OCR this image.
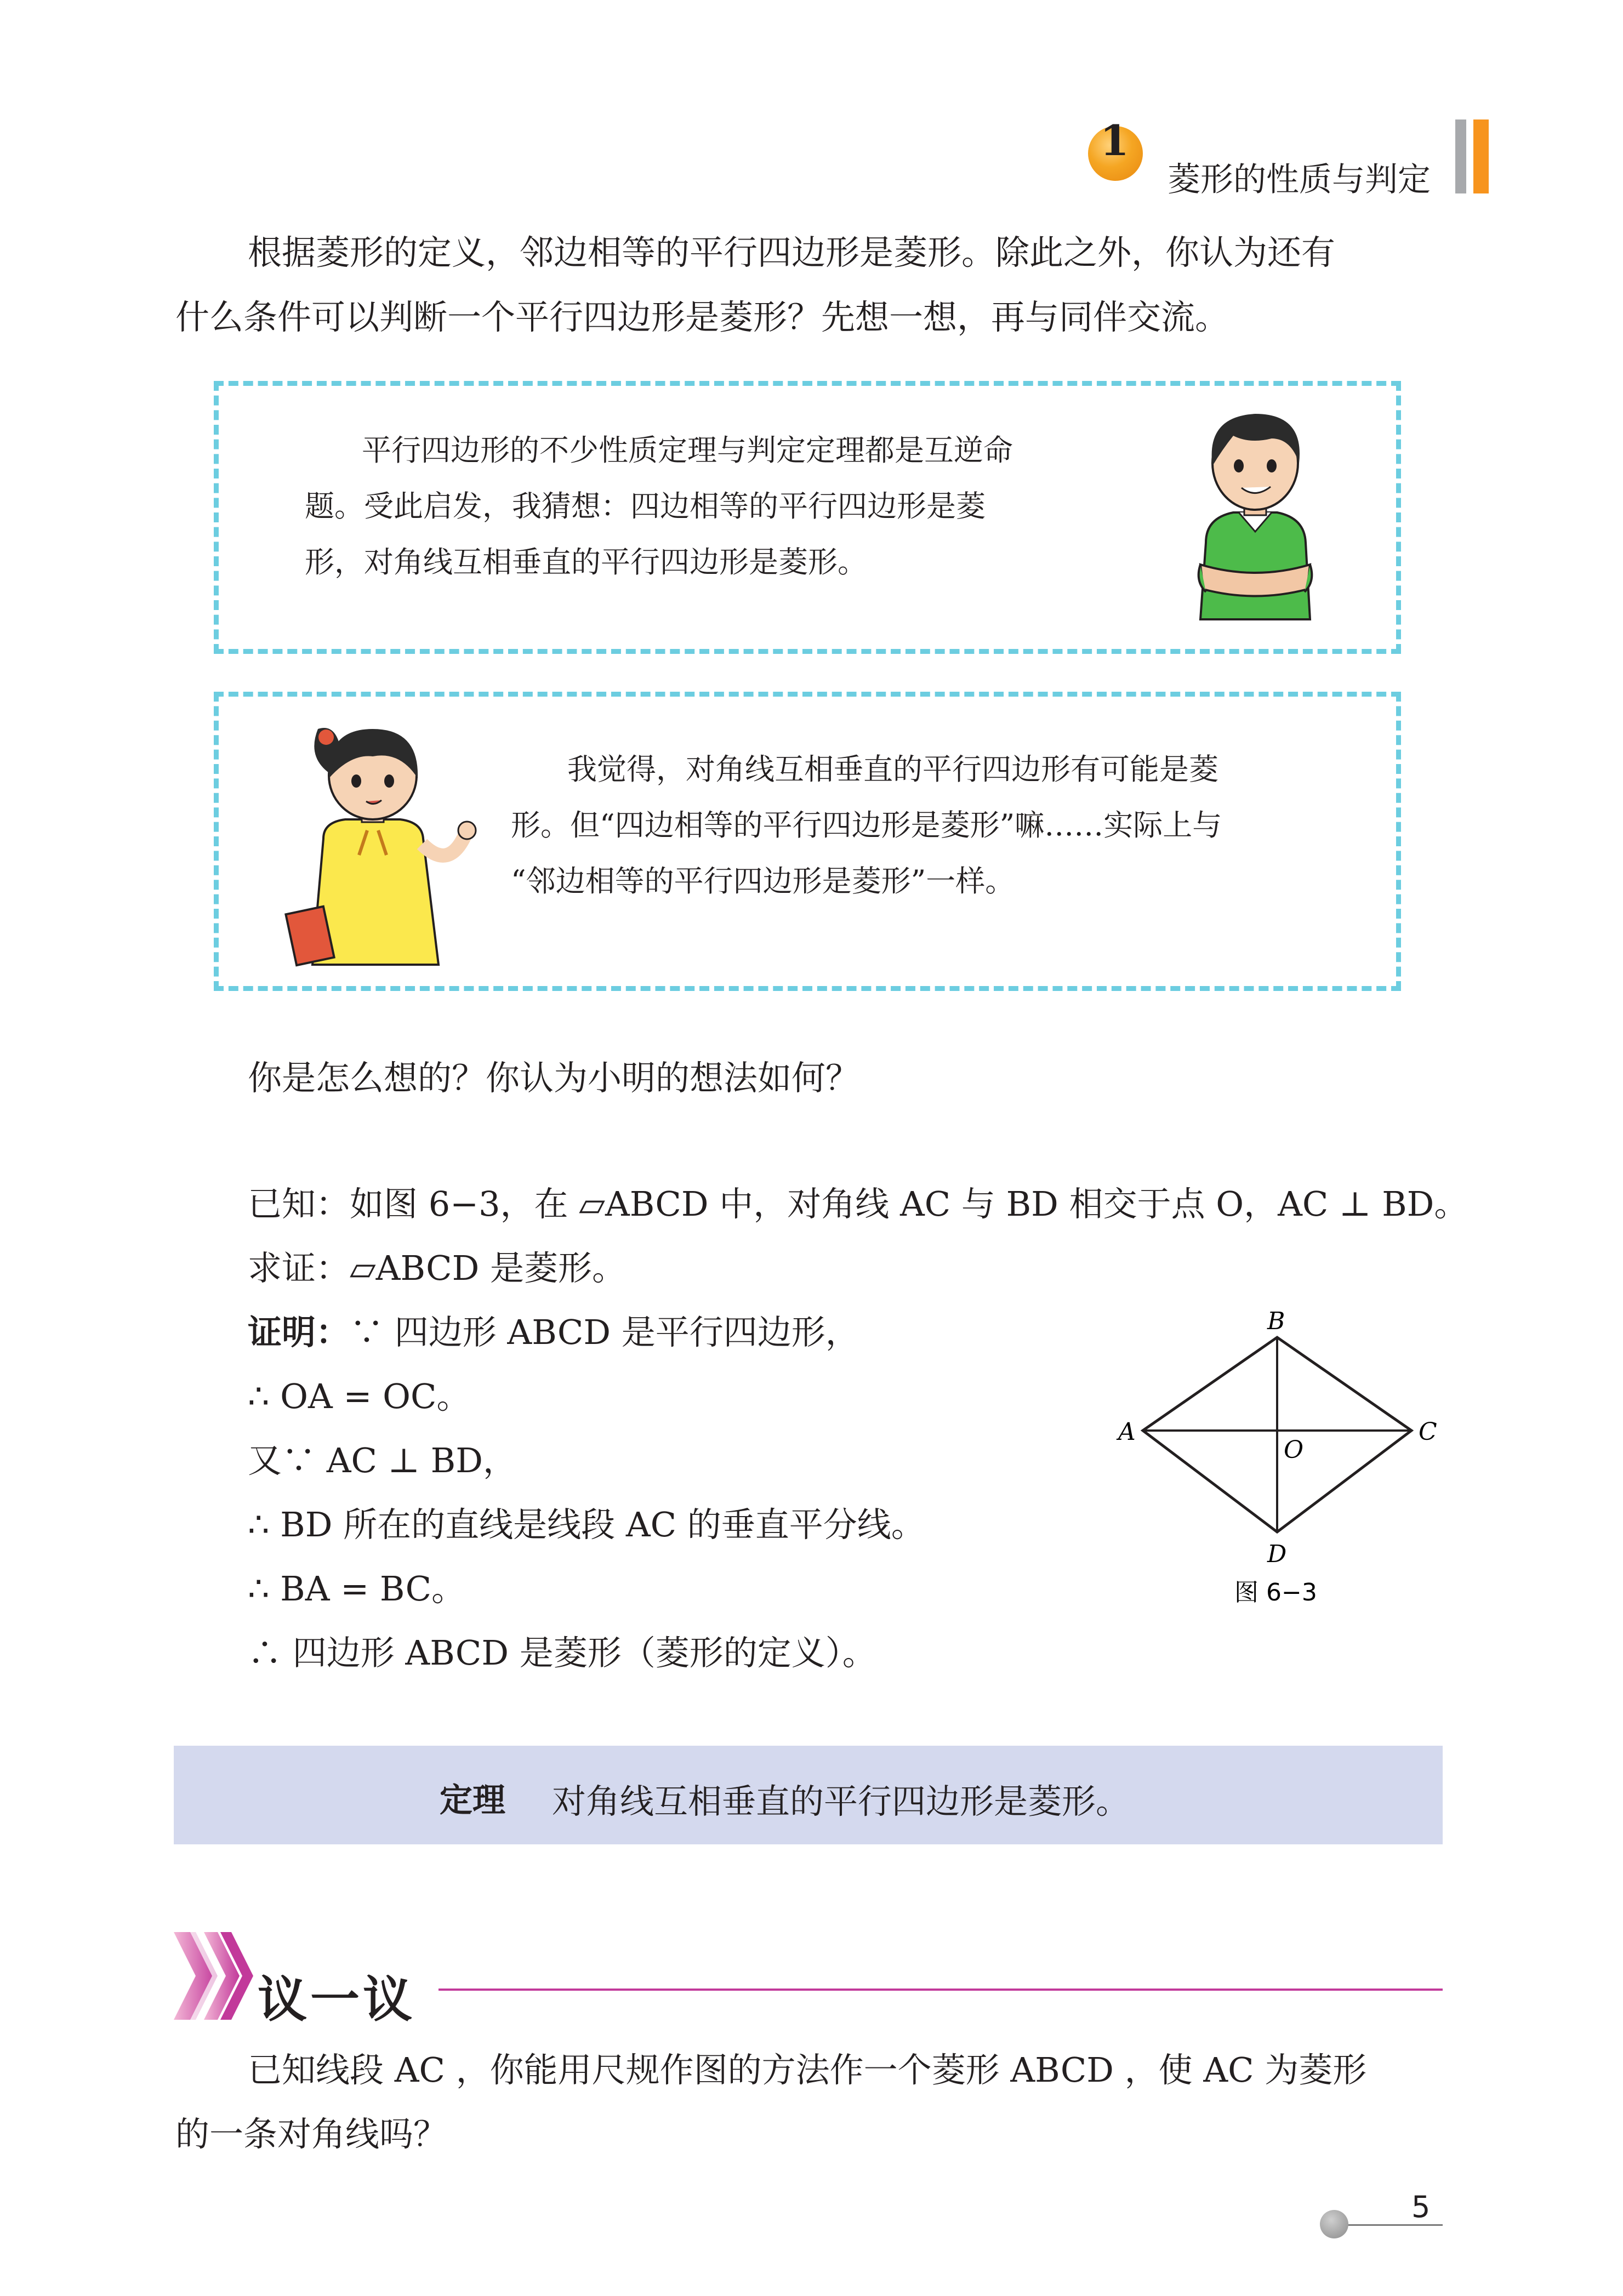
1
菱形的性质与判定
根据菱形的定义，邻边相等的平行四边形是菱形。除此之外，你认为还有
什么条件可以判断一个平行四边形是菱形？先想一想，再与同伴交流。
平行四边形的不少性质定理与判定定理都是互逆命
题。受此启发，我猜想：四边相等的平行四边形是菱
形，对角线互相垂直的平行四边形是菱形。
我觉得，对角线互相垂直的平行四边形有可能是菱
形。但“四边相等的平行四边形是菱形”嘛……实际上与
“邻边相等的平行四边形是菱形”一样。
你是怎么想的？你认为小明的想法如何？
已知：如图 6−3，在 ▱ABCD 中，对角线 AC 与 BD 相交于点 O，AC ⊥ BD。
求证：▱ABCD 是菱形。
证明：∵ 四边形 ABCD 是平行四边形，
∴ OA = OC。
又∵ AC ⊥ BD，
∴ BD 所在的直线是线段 AC 的垂直平分线。
∴ BA = BC。
∴ 四边形 ABCD 是菱形（菱形的定义）。
B
A	C
D
O
图 6−3
定理 对角线互相垂直的平行四边形是菱形。
议一议
已知线段 AC ，你能用尺规作图的方法作一个菱形 ABCD ，使 AC 为菱形
的一条对角线吗？
5
